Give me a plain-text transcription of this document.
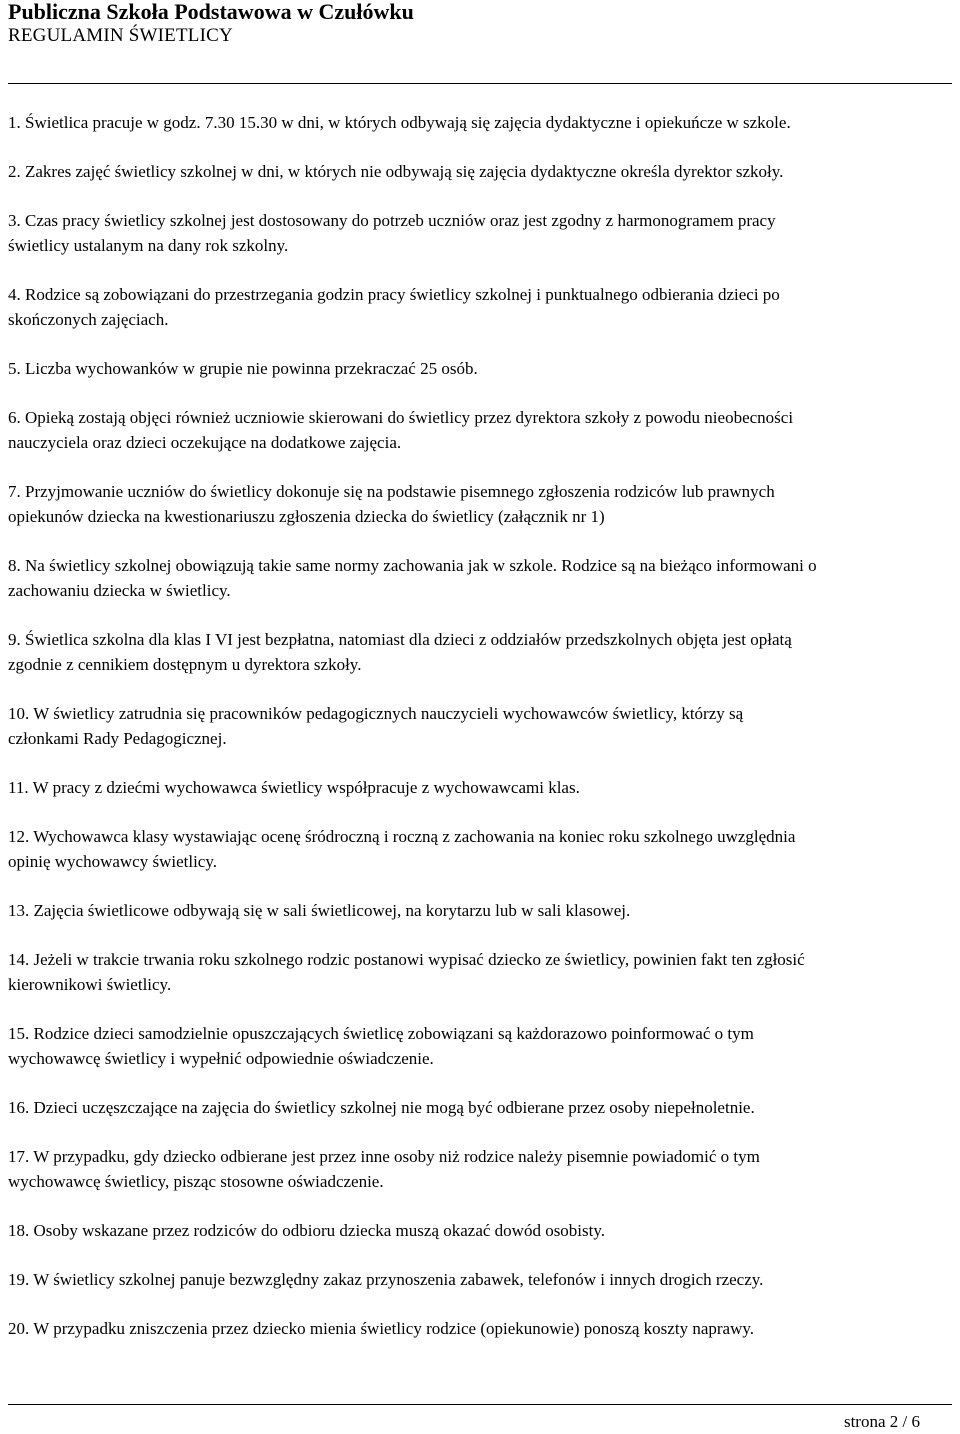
Publiczna Szkoła Podstawowa w Czułówku
REGULAMIN ŚWIETLICY
1. Świetlica pracuje w godz. 7.30 15.30 w dni, w których odbywają się zajęcia dydaktyczne i opiekuńcze w szkole.
2. Zakres zajęć świetlicy szkolnej w dni, w których nie odbywają się zajęcia dydaktyczne określa dyrektor szkoły.
3. Czas pracy świetlicy szkolnej jest dostosowany do potrzeb uczniów oraz jest zgodny z harmonogramem pracy
świetlicy ustalanym na dany rok szkolny.
4. Rodzice są zobowiązani do przestrzegania godzin pracy świetlicy szkolnej i punktualnego odbierania dzieci po
skończonych zajęciach.
5. Liczba wychowanków w grupie nie powinna przekraczać 25 osób.
6. Opieką zostają objęci również uczniowie skierowani do świetlicy przez dyrektora szkoły z powodu nieobecności
nauczyciela oraz dzieci oczekujące na dodatkowe zajęcia.
7. Przyjmowanie uczniów do świetlicy dokonuje się na podstawie pisemnego zgłoszenia rodziców lub prawnych
opiekunów dziecka na kwestionariuszu zgłoszenia dziecka do świetlicy (załącznik nr 1)
8. Na świetlicy szkolnej obowiązują takie same normy zachowania jak w szkole. Rodzice są na bieżąco informowani o
zachowaniu dziecka w świetlicy.
9. Świetlica szkolna dla klas I VI jest bezpłatna, natomiast dla dzieci z oddziałów przedszkolnych objęta jest opłatą
zgodnie z cennikiem dostępnym u dyrektora szkoły.
10. W świetlicy zatrudnia się pracowników pedagogicznych nauczycieli wychowawców świetlicy, którzy są
członkami Rady Pedagogicznej.
11. W pracy z dziećmi wychowawca świetlicy współpracuje z wychowawcami klas.
12. Wychowawca klasy wystawiając ocenę śródroczną i roczną z zachowania na koniec roku szkolnego uwzględnia
opinię wychowawcy świetlicy.
13. Zajęcia świetlicowe odbywają się w sali świetlicowej, na korytarzu lub w sali klasowej.
14. Jeżeli w trakcie trwania roku szkolnego rodzic postanowi wypisać dziecko ze świetlicy, powinien fakt ten zgłosić
kierownikowi świetlicy.
15. Rodzice dzieci samodzielnie opuszczających świetlicę zobowiązani są każdorazowo poinformować o tym
wychowawcę świetlicy i wypełnić odpowiednie oświadczenie.
16. Dzieci uczęszczające na zajęcia do świetlicy szkolnej nie mogą być odbierane przez osoby niepełnoletnie.
17. W przypadku, gdy dziecko odbierane jest przez inne osoby niż rodzice należy pisemnie powiadomić o tym
wychowawcę świetlicy, pisząc stosowne oświadczenie.
18. Osoby wskazane przez rodziców do odbioru dziecka muszą okazać dowód osobisty.
19. W świetlicy szkolnej panuje bezwzględny zakaz przynoszenia zabawek, telefonów i innych drogich rzeczy.
20. W przypadku zniszczenia przez dziecko mienia świetlicy rodzice (opiekunowie) ponoszą koszty naprawy.
strona 2 / 6
